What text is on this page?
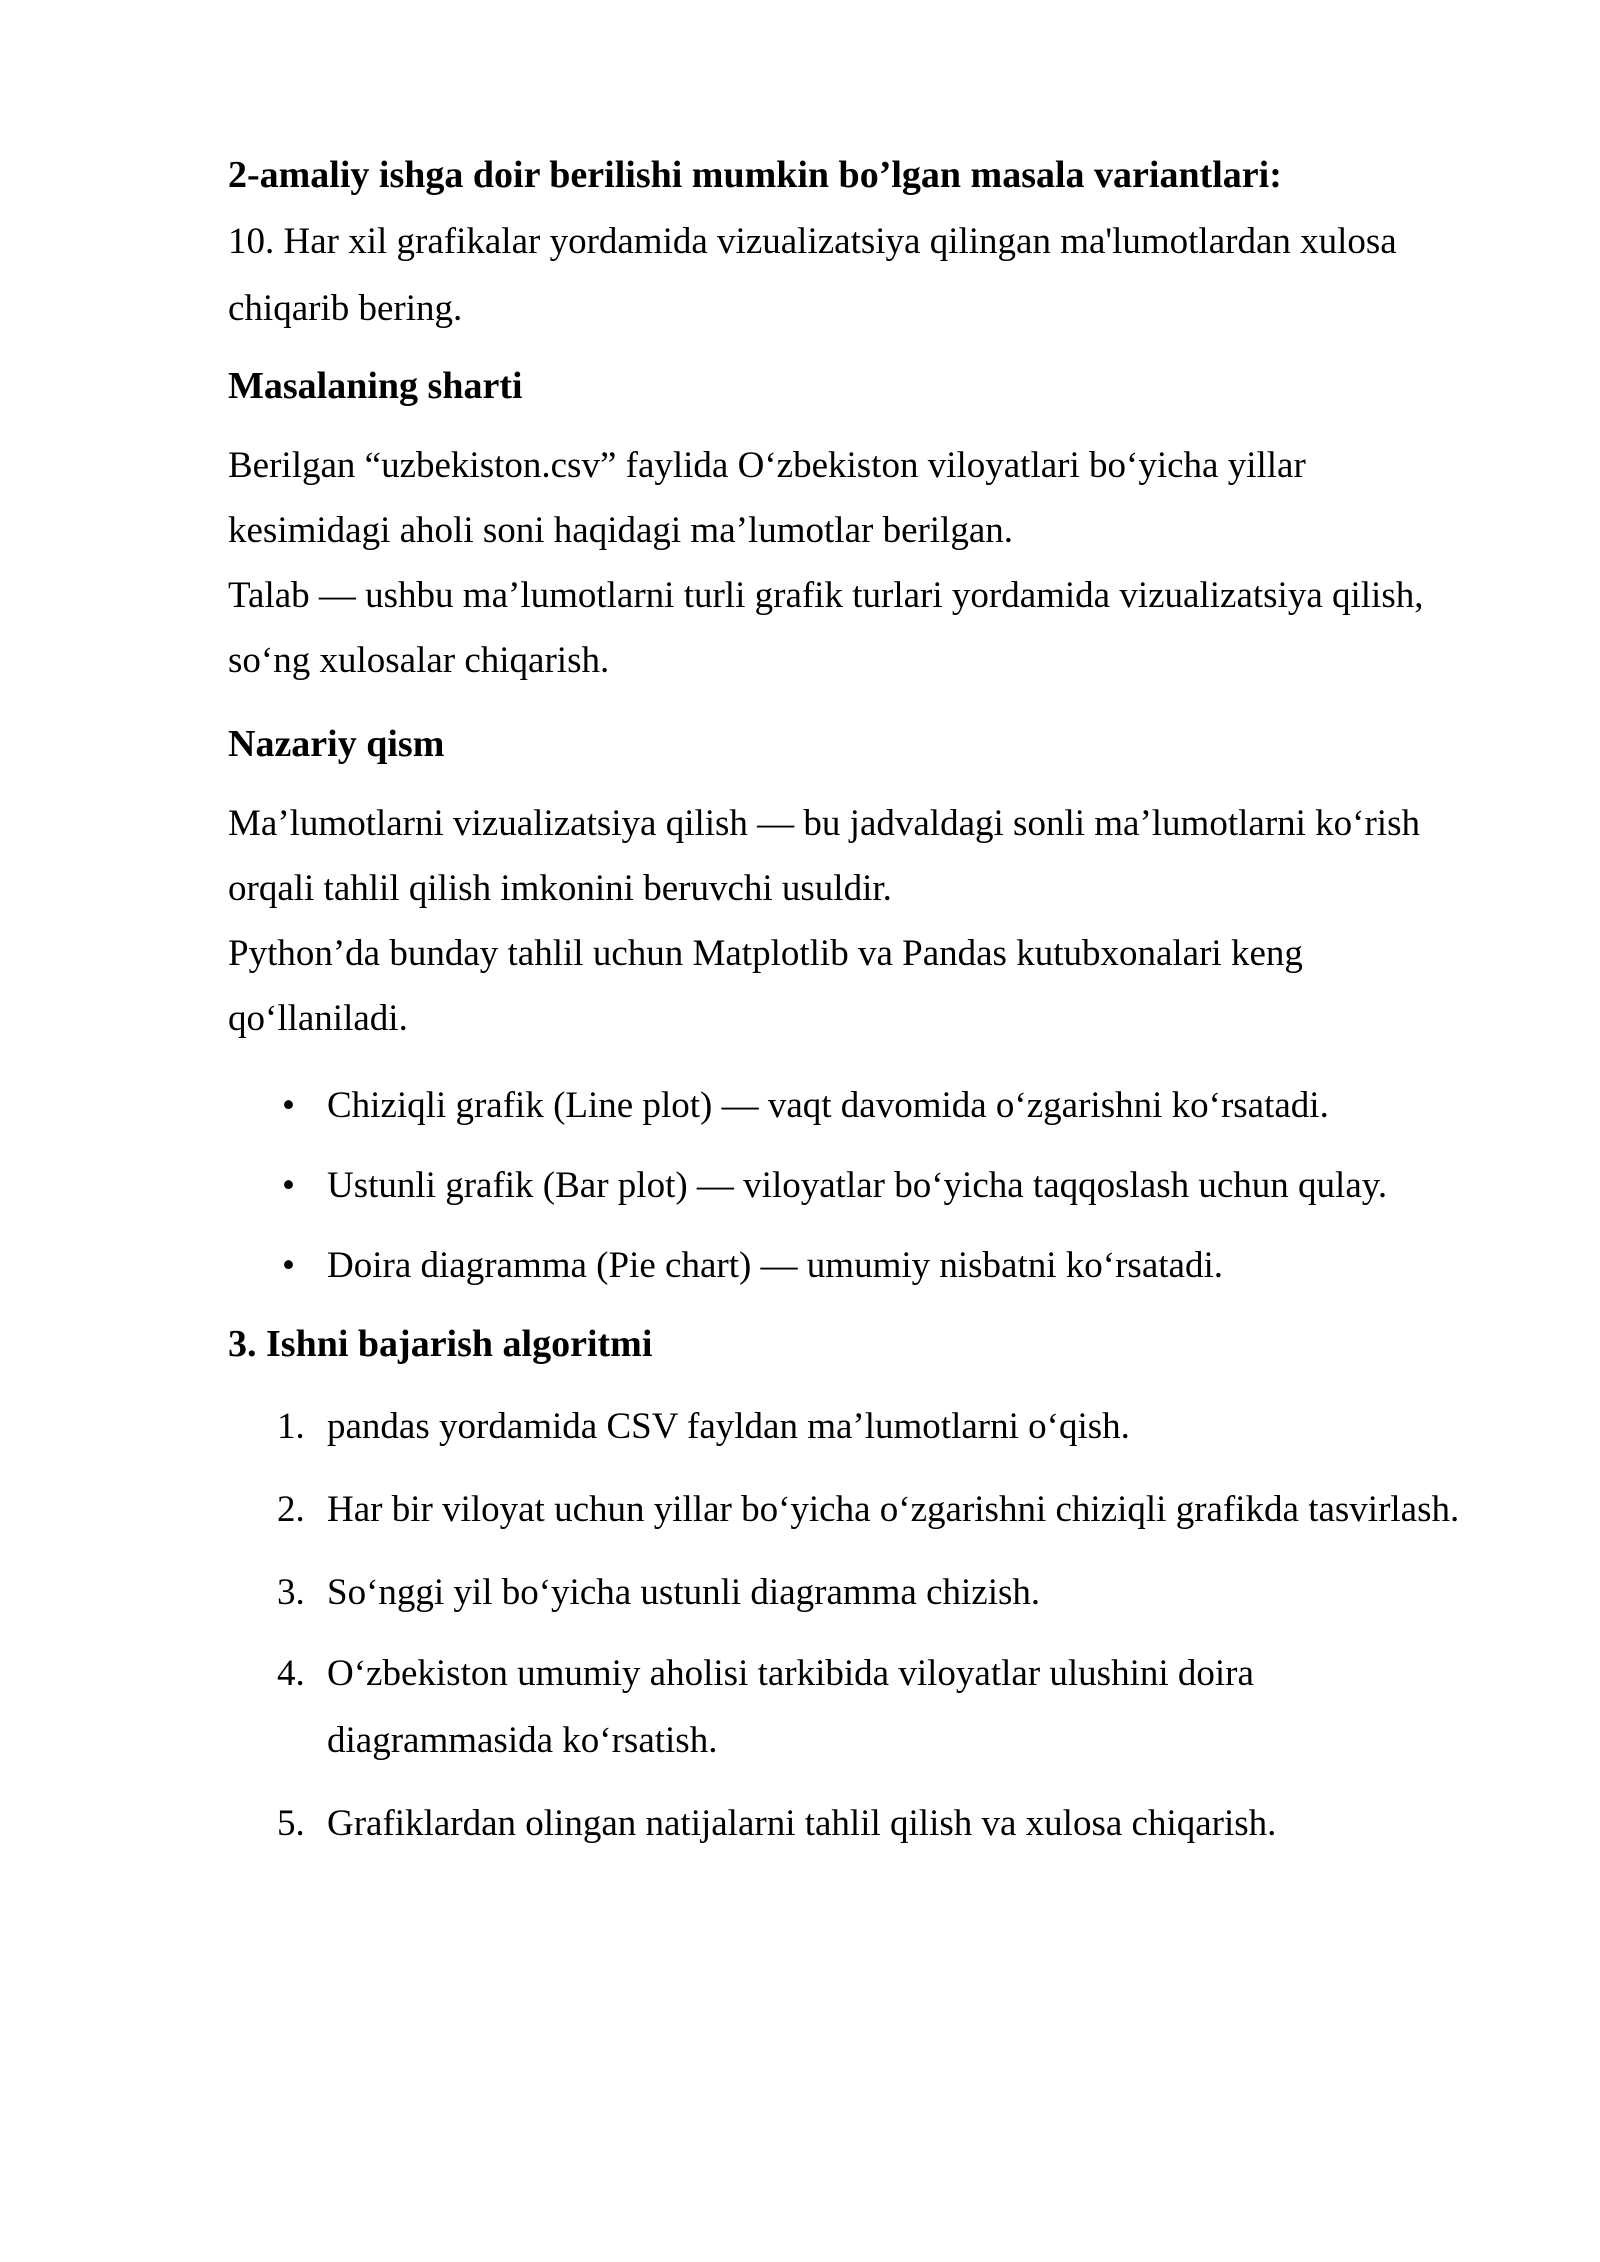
2-amaliy ishga doir berilishi mumkin bo’lgan masala variantlari:
10. Har xil grafikalar yordamida vizualizatsiya qilingan ma'lumotlardan xulosa
chiqarib bering.
Masalaning sharti
Berilgan “uzbekiston.csv” faylida Oʻzbekiston viloyatlari boʻyicha yillar
kesimidagi aholi soni haqidagi ma’lumotlar berilgan.
Talab — ushbu ma’lumotlarni turli grafik turlari yordamida vizualizatsiya qilish,
soʻng xulosalar chiqarish.
Nazariy qism
Ma’lumotlarni vizualizatsiya qilish — bu jadvaldagi sonli ma’lumotlarni koʻrish
orqali tahlil qilish imkonini beruvchi usuldir.
Python’da bunday tahlil uchun Matplotlib va Pandas kutubxonalari keng
qoʻllaniladi.
• Chiziqli grafik (Line plot) — vaqt davomida oʻzgarishni koʻrsatadi.
• Ustunli grafik (Bar plot) — viloyatlar boʻyicha taqqoslash uchun qulay.
• Doira diagramma (Pie chart) — umumiy nisbatni koʻrsatadi.
3. Ishni bajarish algoritmi
1. pandas yordamida CSV fayldan ma’lumotlarni oʻqish.
2. Har bir viloyat uchun yillar boʻyicha oʻzgarishni chiziqli grafikda tasvirlash.
3. Soʻnggi yil boʻyicha ustunli diagramma chizish.
4. Oʻzbekiston umumiy aholisi tarkibida viloyatlar ulushini doira
diagrammasida koʻrsatish.
5. Grafiklardan olingan natijalarni tahlil qilish va xulosa chiqarish.
